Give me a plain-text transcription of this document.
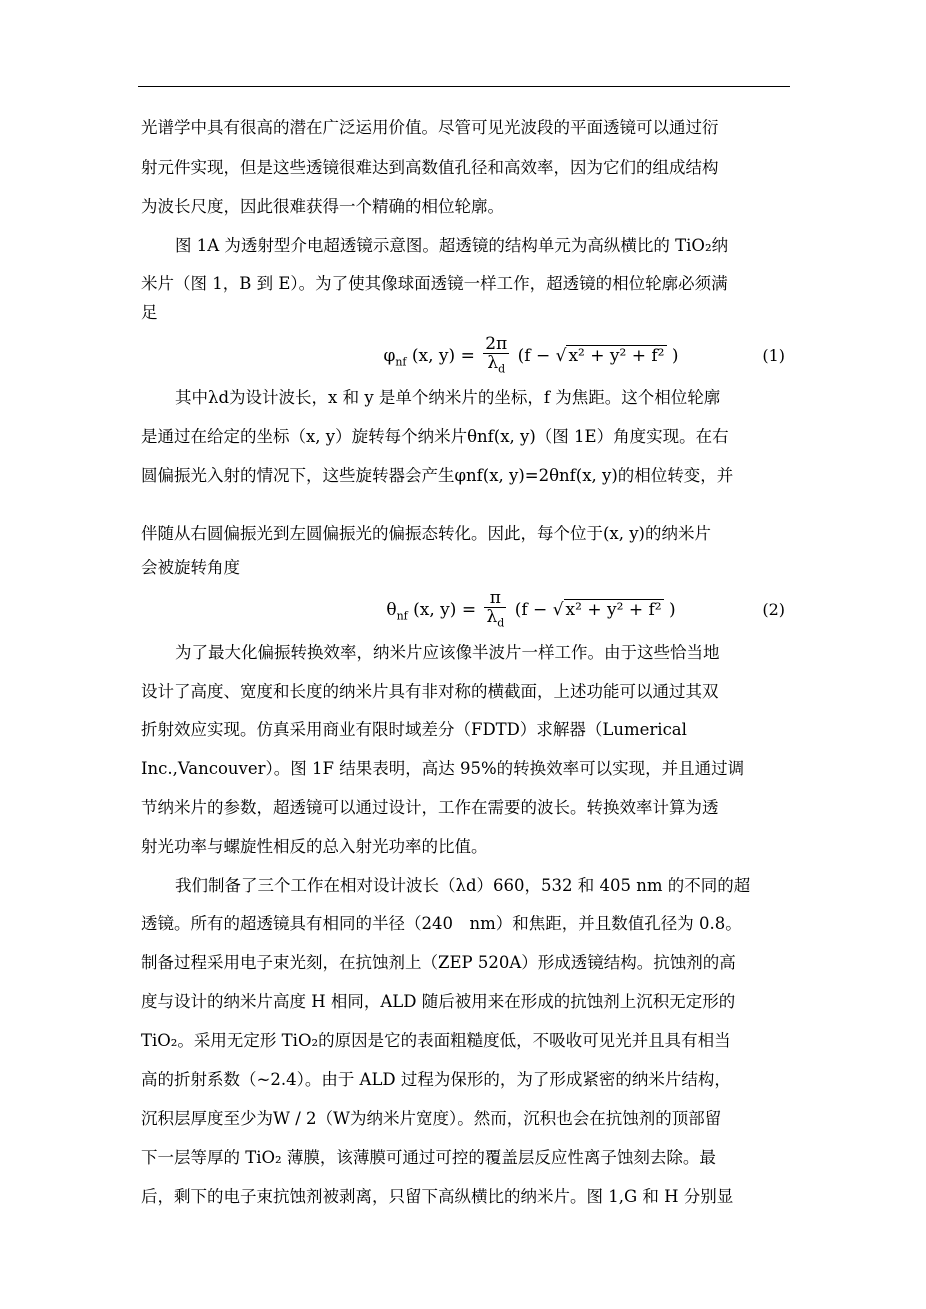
光谱学中具有很高的潜在广泛运用价值。尽管可见光波段的平面透镜可以通过衍
射元件实现，但是这些透镜很难达到高数值孔径和高效率，因为它们的组成结构
为波长尺度，因此很难获得一个精确的相位轮廓。
图 1A 为透射型介电超透镜示意图。超透镜的结构单元为高纵横比的 TiO₂纳
米片（图 1，B 到 E）。为了使其像球面透镜一样工作，超透镜的相位轮廓必须满
足
$\varphi_{nf}$ (x, $y) = \frac{2\pi}{\lambda_d} (f$ − √ x² + y² + f² )	(1)
其中λd为设计波长，x 和 y 是单个纳米片的坐标，f 为焦距。这个相位轮廓
是通过在给定的坐标（x, y）旋转每个纳米片θnf(x, y)（图 1E）角度实现。在右
圆偏振光入射的情况下，这些旋转器会产生φnf(x, y)=2θnf(x, y)的相位转变，并
伴随从右圆偏振光到左圆偏振光的偏振态转化。因此，每个位于(x, y)的纳米片
会被旋转角度
$\theta_{nf}$ (x, $y) = \frac{\pi}{\lambda_d} (f$ − √ x² + y² + f² )	(2)
为了最大化偏振转换效率，纳米片应该像半波片一样工作。由于这些恰当地
设计了高度、宽度和长度的纳米片具有非对称的横截面，上述功能可以通过其双
折射效应实现。仿真采用商业有限时域差分（FDTD）求解器（Lumerical
Inc.,Vancouver）。图 1F 结果表明，高达 95%的转换效率可以实现，并且通过调
节纳米片的参数，超透镜可以通过设计，工作在需要的波长。转换效率计算为透
射光功率与螺旋性相反的总入射光功率的比值。
我们制备了三个工作在相对设计波长（λd）660，532 和 405 nm 的不同的超
透镜。所有的超透镜具有相同的半径（240　nm）和焦距，并且数值孔径为 0.8。
制备过程采用电子束光刻，在抗蚀剂上（ZEP 520A）形成透镜结构。抗蚀剂的高
度与设计的纳米片高度 H 相同，ALD 随后被用来在形成的抗蚀剂上沉积无定形的
TiO₂。采用无定形 TiO₂的原因是它的表面粗糙度低，不吸收可见光并且具有相当
高的折射系数（~2.4）。由于 ALD 过程为保形的，为了形成紧密的纳米片结构，
沉积层厚度至少为W / 2（W为纳米片宽度）。然而，沉积也会在抗蚀剂的顶部留
下一层等厚的 TiO₂ 薄膜，该薄膜可通过可控的覆盖层反应性离子蚀刻去除。最
后，剩下的电子束抗蚀剂被剥离，只留下高纵横比的纳米片。图 1,G 和 H 分别显
